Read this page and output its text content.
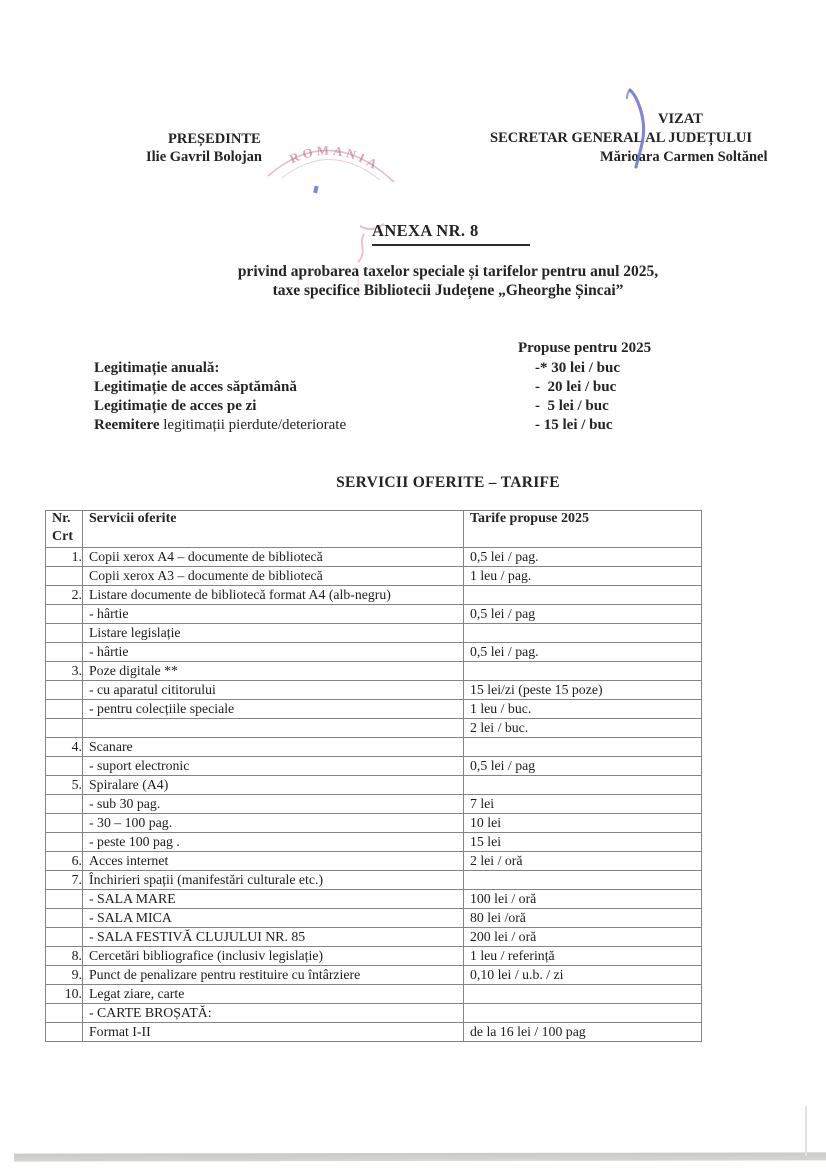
PREȘEDINTE
Ilie Gavril Bolojan
VIZAT
SECRETAR GENERAL AL JUDEȚULUI
Mărioara Carmen Soltănel
ROMANIA
ANEXA NR. 8
privind aprobarea taxelor speciale și tarifelor pentru anul 2025,
taxe specifice Bibliotecii Județene „Gheorghe Șincai”
Propuse pentru 2025
Legitimație anuală:	-* 30 lei / buc
Legitimație de acces săptămână	-  20 lei / buc
Legitimație de acces pe zi	-  5 lei / buc
Reemitere legitimații pierdute/deteriorate	- 15 lei / buc
SERVICII OFERITE – TARIFE
Nr.
Crt	Servicii oferite	Tarife propuse 2025
1.	Copii xerox A4 – documente de bibliotecă	0,5 lei / pag.
	Copii xerox A3 – documente de bibliotecă	1 leu / pag.
2.	Listare documente de bibliotecă format A4 (alb-negru)	
	- hârtie	0,5 lei / pag
	Listare legislație	
	- hârtie	0,5 lei / pag.
3.	Poze digitale **	
	- cu aparatul cititorului	15 lei/zi (peste 15 poze)
	- pentru colecțiile speciale	1 leu / buc.
		2 lei / buc.
4.	Scanare	
	- suport electronic	0,5 lei / pag
5.	Spiralare (A4)	
	- sub 30 pag.	7 lei
	- 30 – 100 pag.	10 lei
	- peste 100 pag .	15 lei
6.	Acces internet	2 lei / oră
7.	Închirieri spații (manifestări culturale etc.)	
	- SALA MARE	100 lei / oră
	- SALA MICA	80 lei /oră
	- SALA FESTIVĂ CLUJULUI NR. 85	200 lei / oră
8.	Cercetări bibliografice (inclusiv legislație)	1 leu / referință
9.	Punct de penalizare pentru restituire cu întârziere	0,10 lei / u.b. / zi
10.	Legat ziare, carte	
	- CARTE BROȘATĂ:	
	Format I-II	de la 16 lei / 100 pag
